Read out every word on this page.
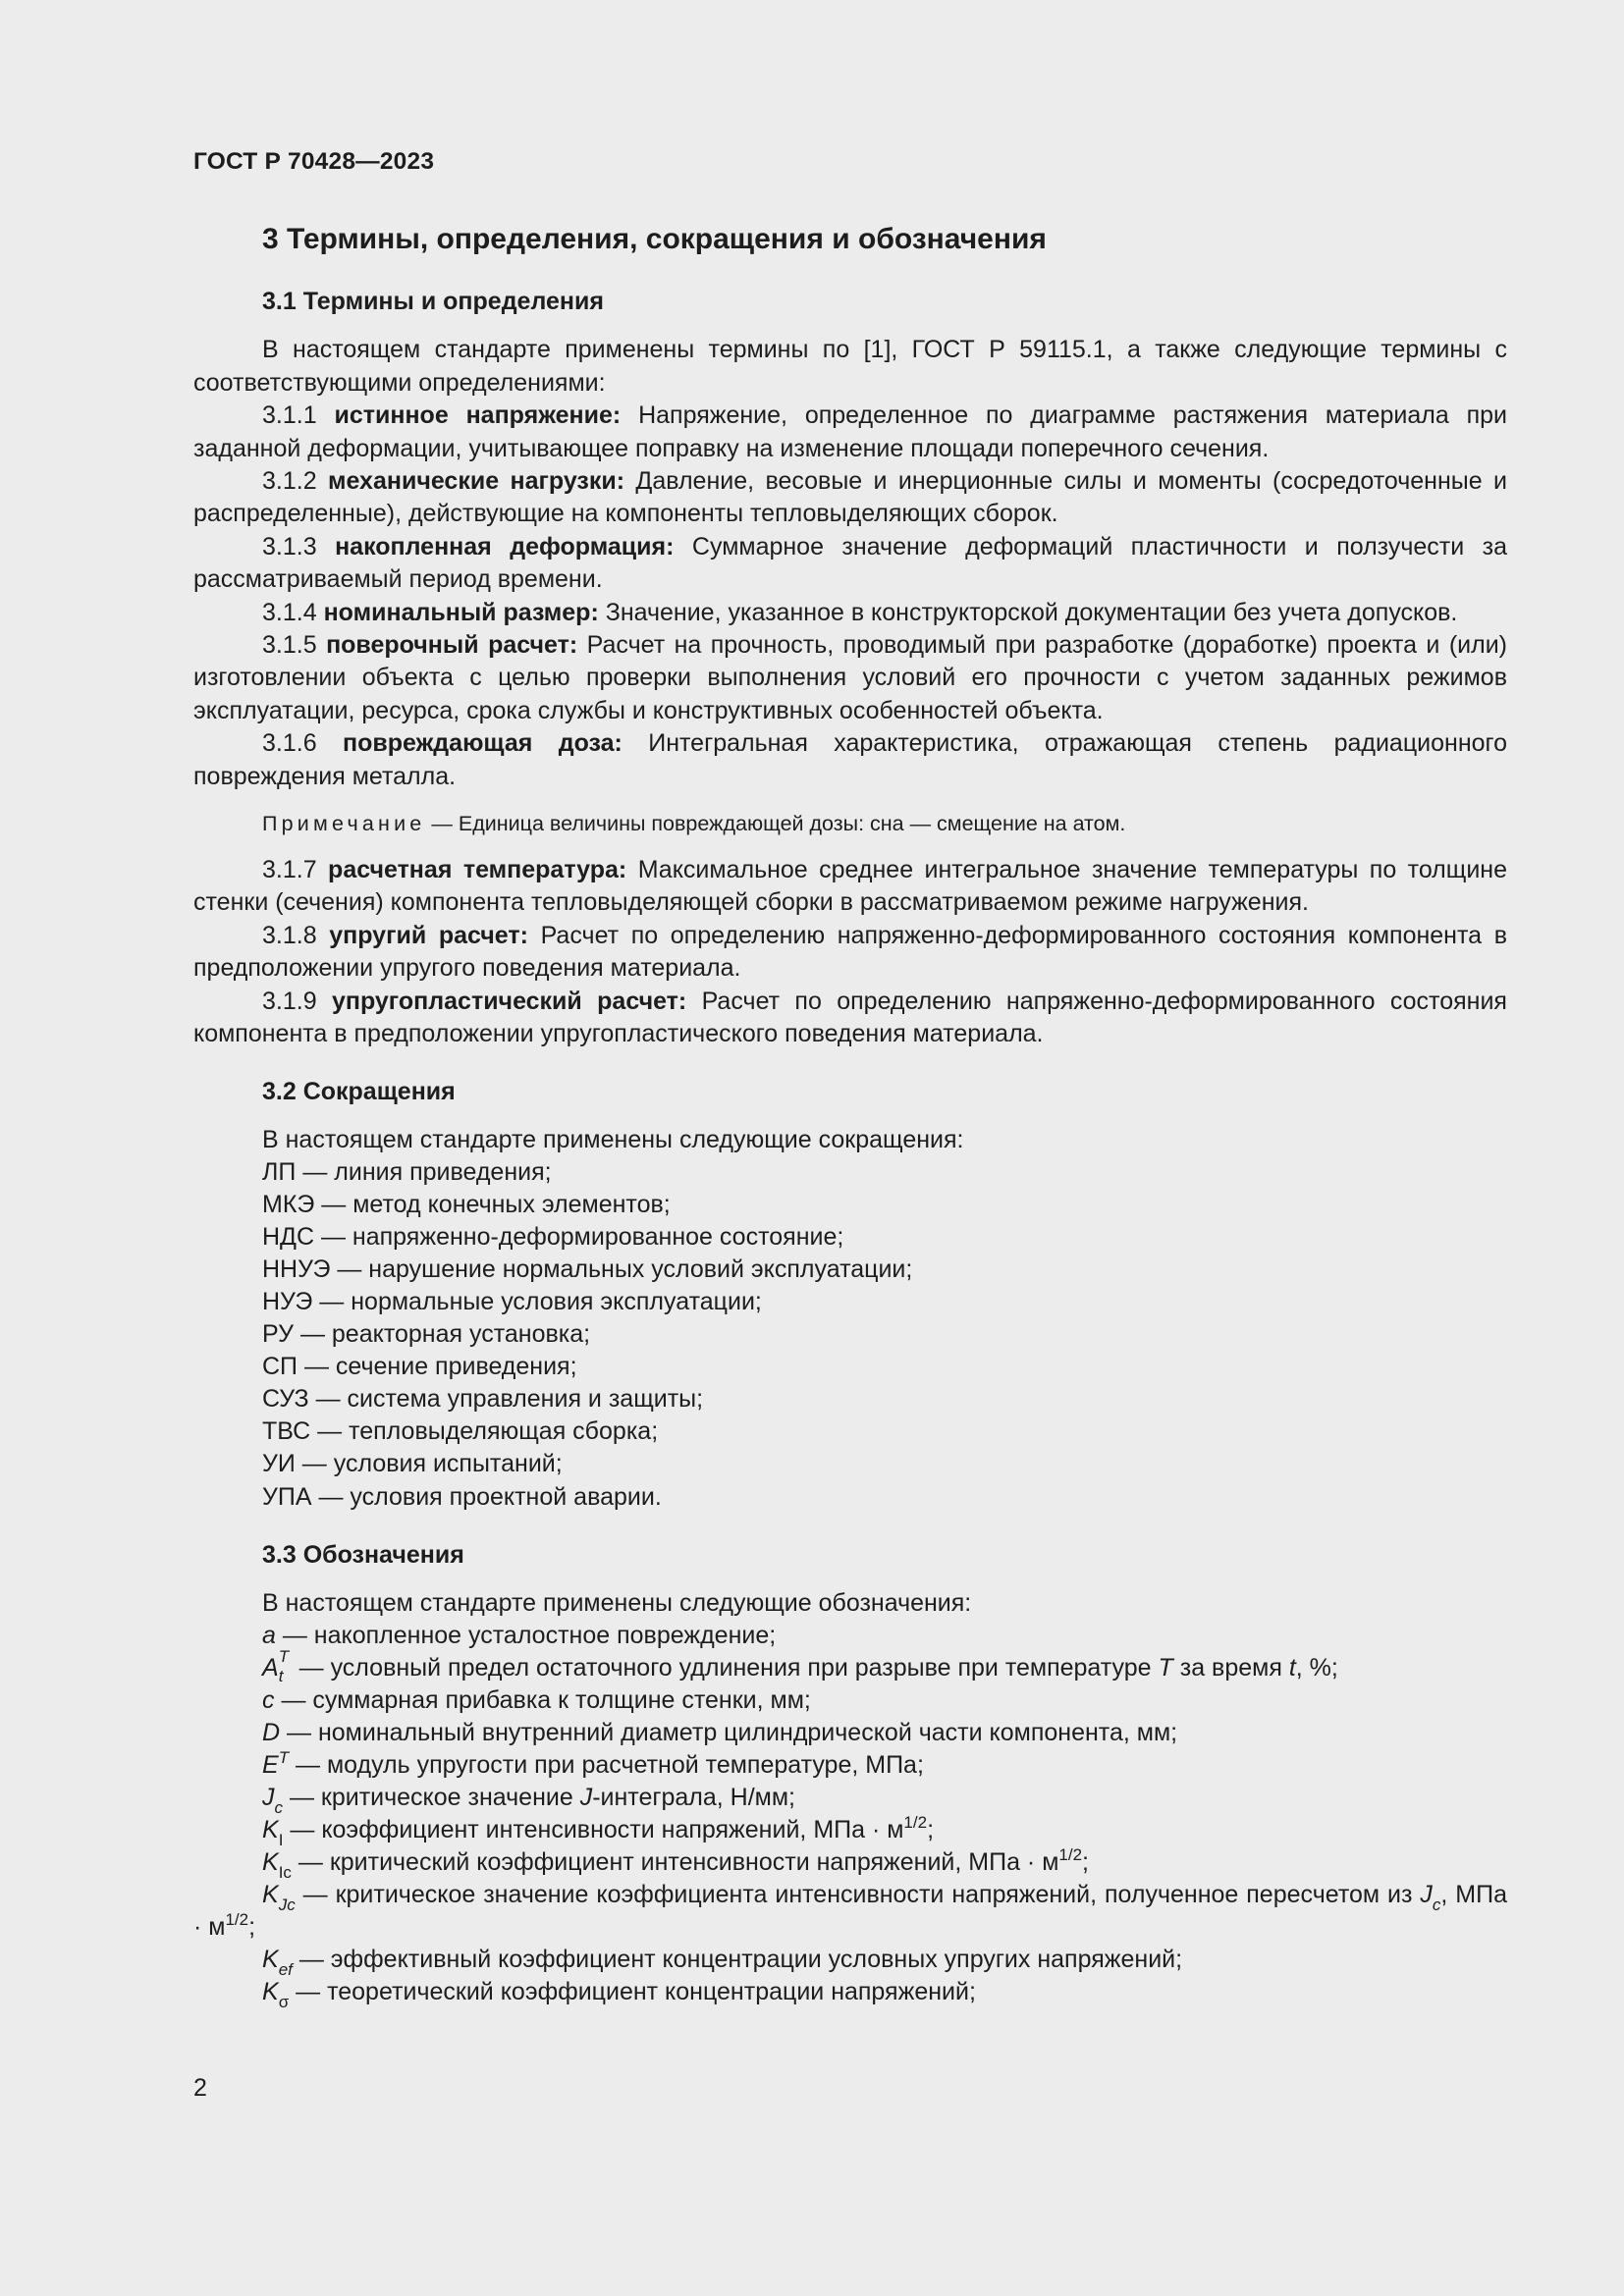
ГОСТ Р 70428—2023
3 Термины, определения, сокращения и обозначения
3.1 Термины и определения

В настоящем стандарте применены термины по [1], ГОСТ Р 59115.1, а также следующие термины с соответствующими определениями:

3.1.1 истинное напряжение: Напряжение, определенное по диаграмме растяжения материала при заданной деформации, учитывающее поправку на изменение площади поперечного сечения.

3.1.2 механические нагрузки: Давление, весовые и инерционные силы и моменты (сосредоточенные и распределенные), действующие на компоненты тепловыделяющих сборок.

3.1.3 накопленная деформация: Суммарное значение деформаций пластичности и ползучести за рассматриваемый период времени.

3.1.4 номинальный размер: Значение, указанное в конструкторской документации без учета допусков.

3.1.5 поверочный расчет: Расчет на прочность, проводимый при разработке (доработке) проекта и (или) изготовлении объекта с целью проверки выполнения условий его прочности с учетом заданных режимов эксплуатации, ресурса, срока службы и конструктивных особенностей объекта.

3.1.6 повреждающая доза: Интегральная характеристика, отражающая степень радиационного повреждения металла.

Примечание — Единица величины повреждающей дозы: сна — смещение на атом.

3.1.7 расчетная температура: Максимальное среднее интегральное значение температуры по толщине стенки (сечения) компонента тепловыделяющей сборки в рассматриваемом режиме нагружения.

3.1.8 упругий расчет: Расчет по определению напряженно-деформированного состояния компонента в предположении упругого поведения материала.

3.1.9 упругопластический расчет: Расчет по определению напряженно-деформированного состояния компонента в предположении упругопластического поведения материала.

3.2 Сокращения
В настоящем стандарте применены следующие сокращения:
ЛП — линия приведения;
МКЭ — метод конечных элементов;
НДС — напряженно-деформированное состояние;
ННУЭ — нарушение нормальных условий эксплуатации;
НУЭ — нормальные условия эксплуатации;
РУ — реакторная установка;
СП — сечение приведения;
СУЗ — система управления и защиты;
ТВС — тепловыделяющая сборка;
УИ — условия испытаний;
УПА — условия проектной аварии.
3.3 Обозначения
В настоящем стандарте применены следующие обозначения:
a — накопленное усталостное повреждение;
A T
t — условный предел остаточного удлинения при разрыве при температуре T за время t, %;
c — суммарная прибавка к толщине стенки, мм;
D — номинальный внутренний диаметр цилиндрической части компонента, мм;
$E^T$ — модуль упругости при расчетной температуре, МПа;
$J_c$ — критическое значение J-интеграла, Н/мм;
$K_I$ — коэффициент интенсивности напряжений, МПа · $м^{1/2}$;
$K_{Ic}$ — критический коэффициент интенсивности напряжений, МПа · $м^{1/2}$;
$K_{Jc}$ — критическое значение коэффициента интенсивности напряжений, полученное пересчетом из $J_c$, МПа · $м^{1/2}$;
$K_{ef}$ — эффективный коэффициент концентрации условных упругих напряжений;
$K_\sigma$ — теоретический коэффициент концентрации напряжений;
2
